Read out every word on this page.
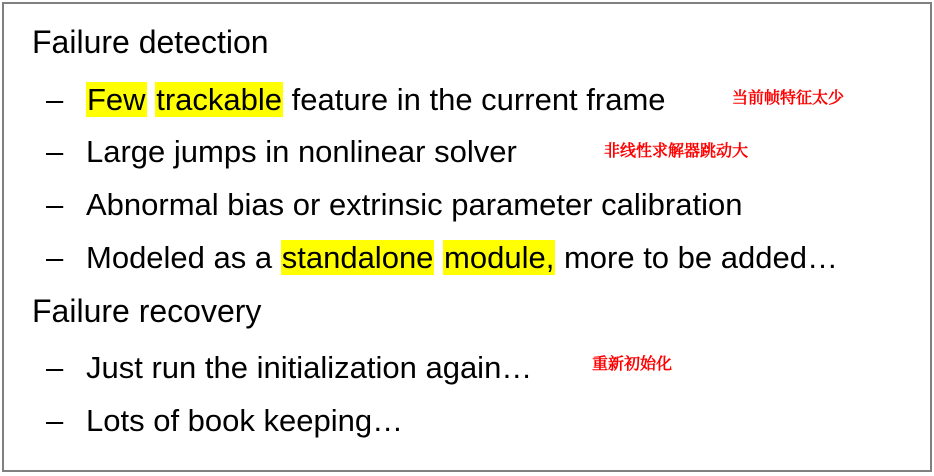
Failure detection
– Few trackable feature in the current frame	当前帧特征太少
– Large jumps in nonlinear solver	非线性求解器跳动大
– Abnormal bias or extrinsic parameter calibration
– Modeled as a standalone module, more to be added…
Failure recovery
– Just run the initialization again…	重新初始化
– Lots of book keeping…
